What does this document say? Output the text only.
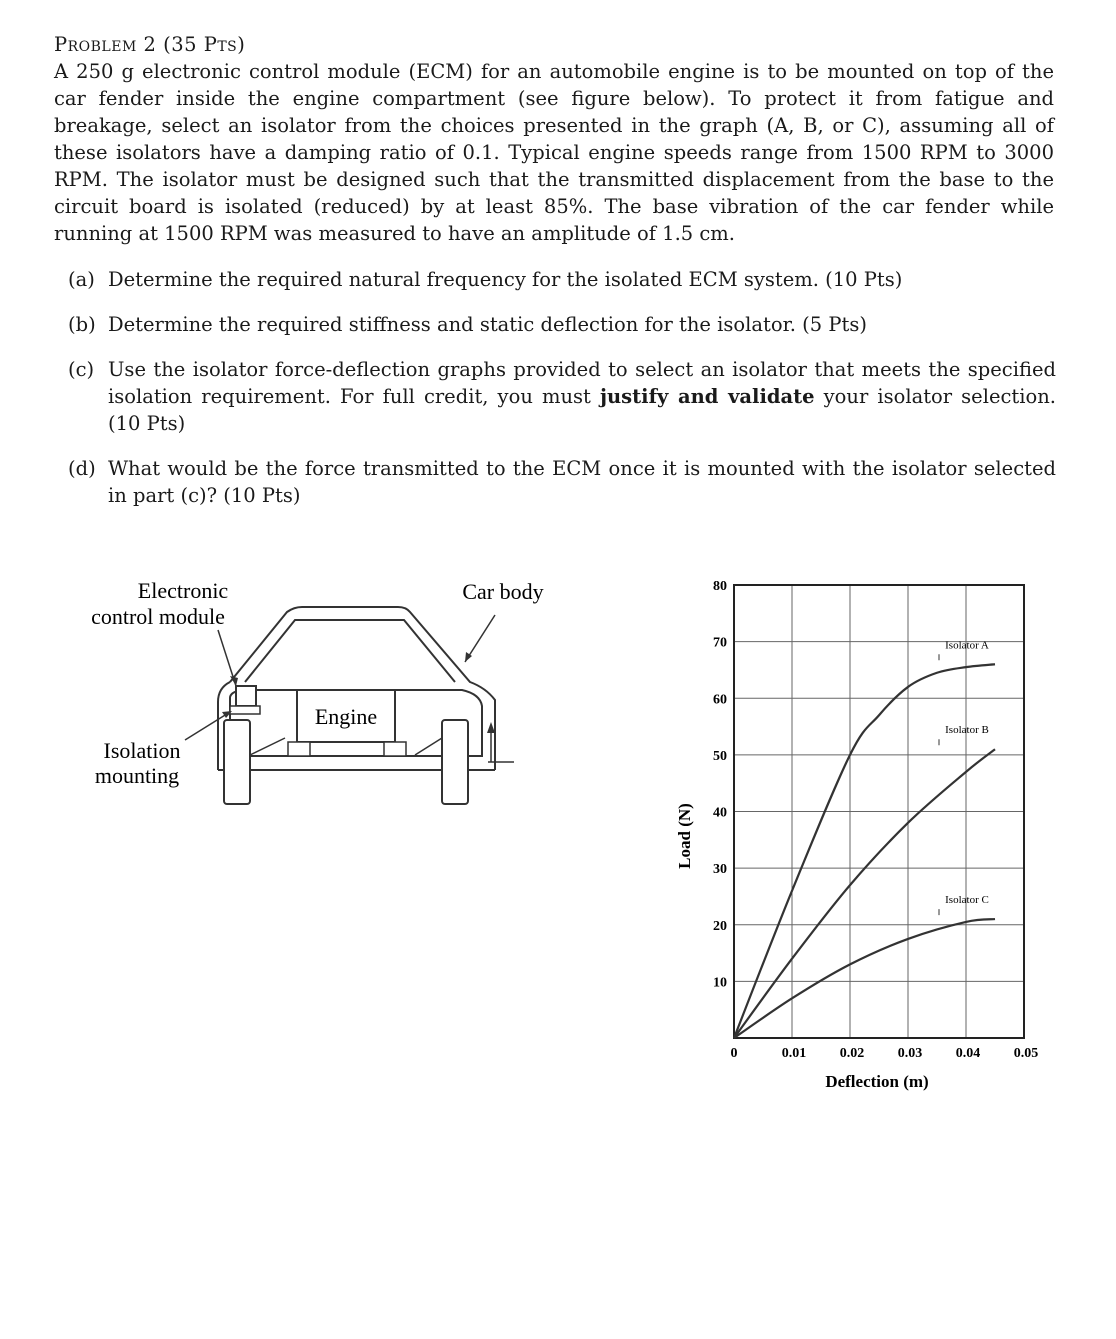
Problem 2 (35 Pts)
A 250 g electronic control module (ECM) for an automobile engine is to be mounted on top of the car fender inside the engine compartment (see figure below). To protect it from fatigue and breakage, select an isolator from the choices presented in the graph (A, B, or C), assuming all of these isolators have a damping ratio of 0.1. Typical engine speeds range from 1500 RPM to 3000 RPM. The isolator must be designed such that the transmitted displacement from the base to the circuit board is isolated (reduced) by at least 85%. The base vibration of the car fender while running at 1500 RPM was measured to have an amplitude of 1.5 cm.
(a) Determine the required natural frequency for the isolated ECM system. (10 Pts)
(b) Determine the required stiffness and static deflection for the isolator. (5 Pts)
(c) Use the isolator force-deflection graphs provided to select an isolator that meets the specified isolation requirement. For full credit, you must justify and validate your isolator selection. (10 Pts)
(d) What would be the force transmitted to the ECM once it is mounted with the isolator selected in part (c)? (10 Pts)
Electronic
control module
Car body
Isolation
mounting
Engine
Load (N)
Deflection (m)
0	0.01 0.02 0.03 0.04 0.05
10
20
30
40
50
60
70
80
Isolator A
Isolator B
Isolator C
